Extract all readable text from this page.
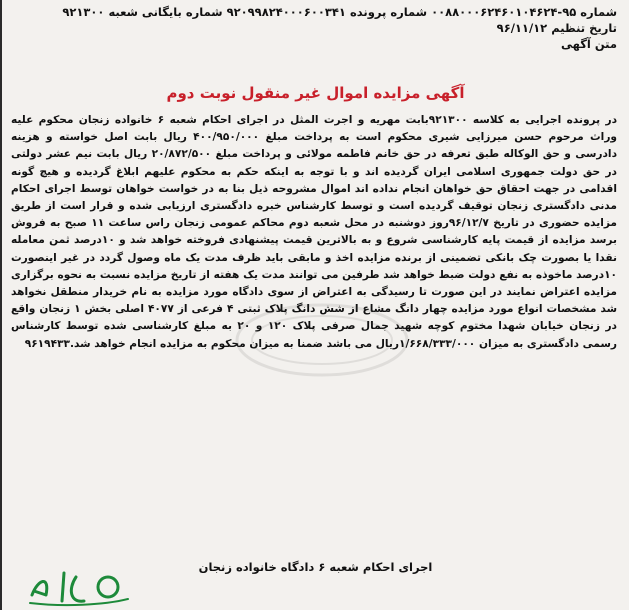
شماره ۹۵-۰۰۸۸۰۰۰۶۲۴۶۰۱۰۴۶۲۴ شماره پرونده ۹۲۰۹۹۸۲۴۰۰۰۶۰۰۳۴۱ شماره بایگانی شعبه ۹۲۱۳۰۰
تاریخ تنظیم ۹۶/۱۱/۱۲
متن آگهی
آگهی مزایده اموال غیر منقول نوبت دوم
در پرونده اجرایی به کلاسه ۹۲۱۳۰۰بابت مهریه و اجرت المثل در اجرای احکام شعبه ۶ خانواده زنجان محکوم علیه وراث مرحوم حسن میرزایی شیری محکوم است به پرداخت مبلغ ۴۰۰/۹۵۰/۰۰۰ ریال بابت اصل خواسته و هزینه دادرسی و حق الوکاله طبق تعرفه در حق خانم فاطمه مولائی و پرداخت مبلغ ۲۰/۸۷۲/۵۰۰ ریال بابت نیم عشر دولتی در حق دولت جمهوری اسلامی ایران گردیده اند و با توجه به اینکه حکم به محکوم علیهم ابلاغ گردیده و هیچ گونه اقدامی در جهت احقاق حق خواهان انجام نداده اند اموال مشروحه ذیل بنا به در خواست خواهان توسط اجرای احکام مدنی دادگستری زنجان توقیف گردیده است و توسط کارشناس خبره دادگستری ارزیابی شده و قرار است از طریق مزایده حضوری در تاریخ ۹۶/۱۲/۷روز دوشنبه در محل شعبه دوم محاکم عمومی زنجان راس ساعت ۱۱ صبح به فروش برسد مزایده از قیمت پایه کارشناسی شروع و به بالاترین قیمت پیشنهادی فروخته خواهد شد و ۱۰درصد ثمن معامله نقدا یا بصورت چک بانکی تضمینی از برنده مزایده اخذ و مابقی باید ظرف مدت یک ماه وصول گردد در غیر اینصورت ۱۰درصد ماخوذه به نفع دولت ضبط خواهد شد طرفین می توانند مدت یک هفته از تاریخ مزایده نسبت به نحوه برگزاری مزایده اعتراض نمایند در این صورت تا رسیدگی به اعتراض از سوی دادگاه مورد مزایده به نام خریدار منطقل نخواهد شد مشخصات انواع مورد مزایده چهار دانگ مشاع از شش دانگ پلاک ثبتی ۴ فرعی از ۴۰۷۷ اصلی بخش ۱ زنجان واقع در زنجان خیابان شهدا مختوم کوچه شهید جمال صرفی پلاک ۱۲۰ و ۲۰ به مبلغ کارشناسی شده توسط کارشناس رسمی دادگستری به میزان ۱/۶۶۸/۳۳۳/۰۰۰ریال می باشد ضمنا به میزان محکوم به مزایده انجام خواهد شد.۹۶۱۹۴۳۳
اجرای احکام شعبه ۶ دادگاه خانواده زنجان
